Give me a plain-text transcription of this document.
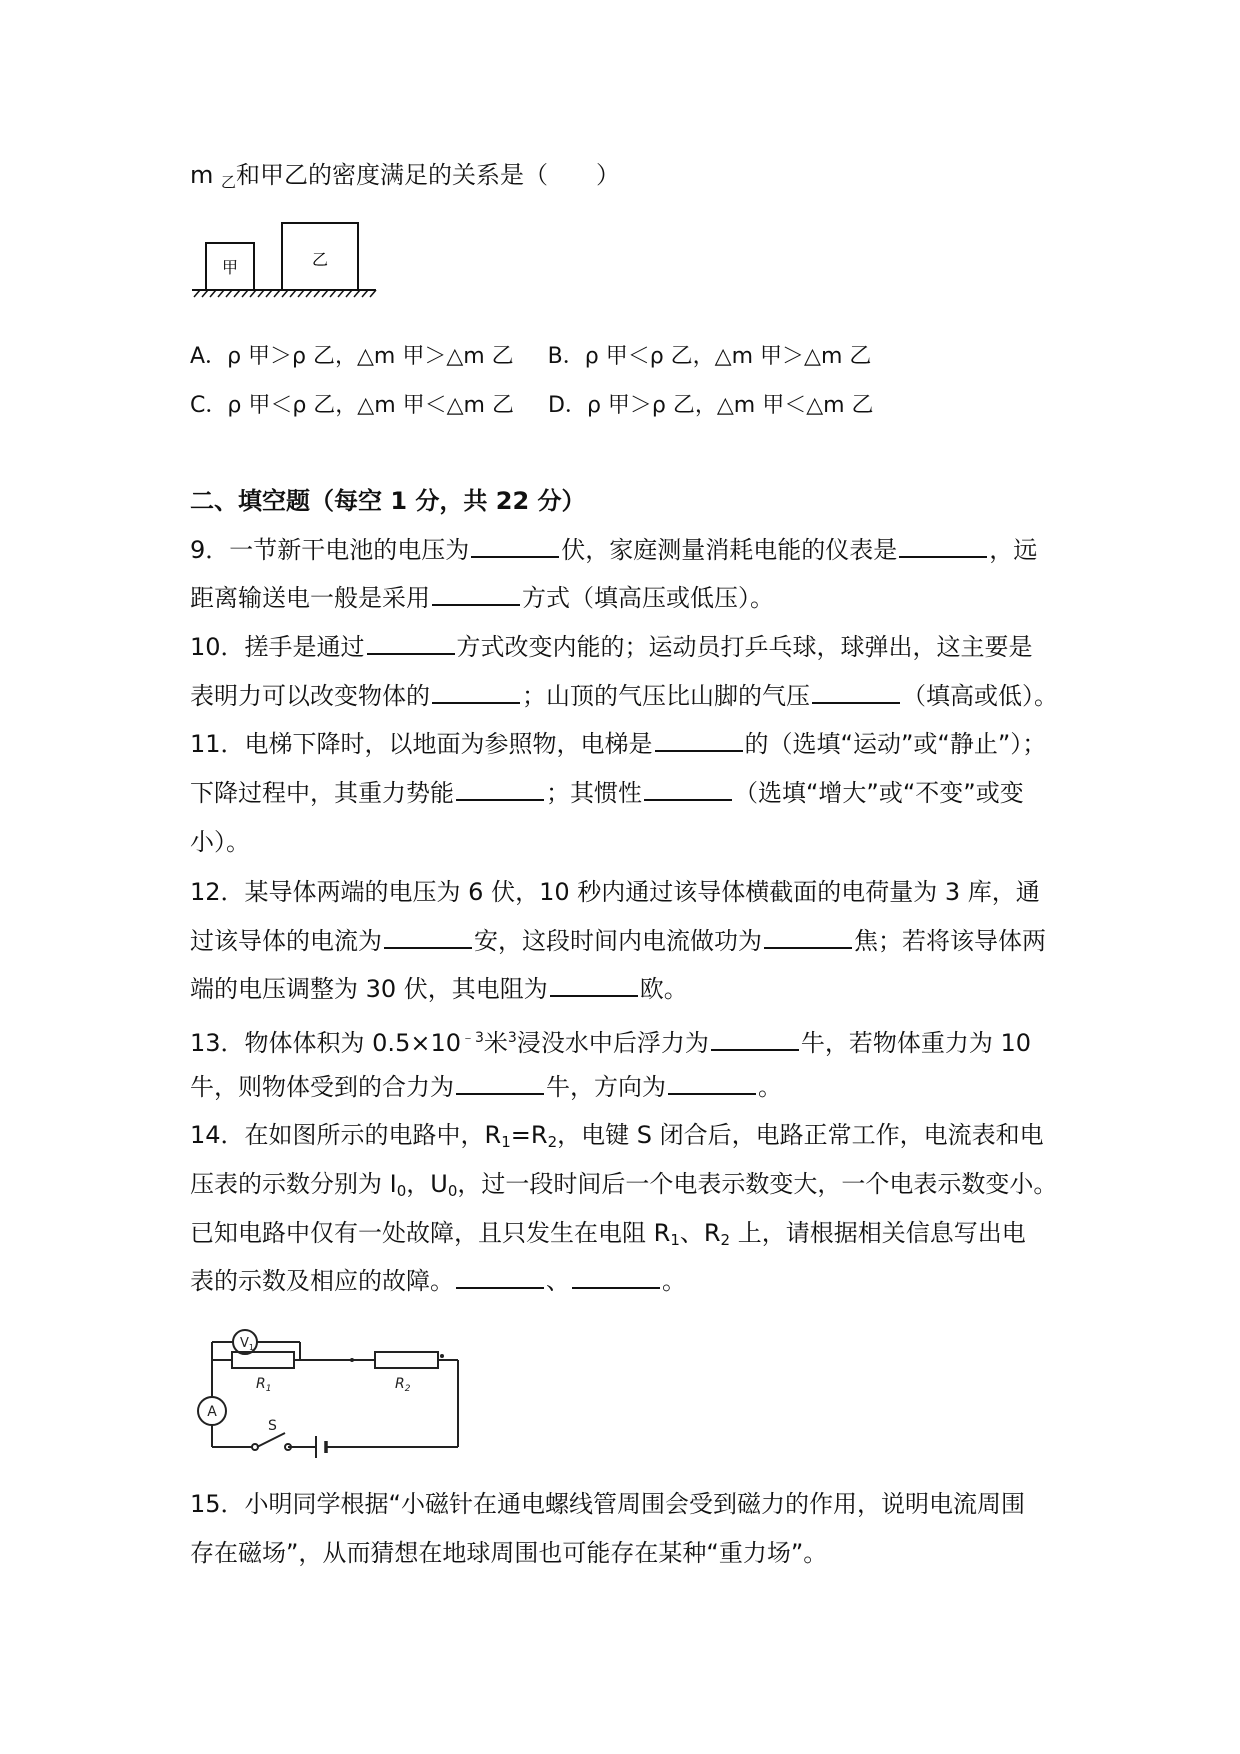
m $_乙$和甲乙的密度满足的关系是（　　）
甲	乙
A．ρ 甲＞ρ 乙，△m 甲＞△m 乙 B．ρ 甲＜ρ 乙，△m 甲＞△m 乙
C．ρ 甲＜ρ 乙，△m 甲＜△m 乙 D．ρ 甲＞ρ 乙，△m 甲＜△m 乙
二、填空题（每空 1 分，共 22 分）
9．一节新干电池的电压为	伏，家庭测量消耗电能的仪表是	，远
距离输送电一般是采用	方式（填高压或低压）。
10．搓手是通过	方式改变内能的；运动员打乒乓球，球弹出，这主要是
表明力可以改变物体的	；山顶的气压比山脚的气压	（填高或低）。
11．电梯下降时，以地面为参照物，电梯是	的（选填“运动”或“静止”）；
下降过程中，其重力势能	；其惯性	（选填“增大”或“不变”或变
小）。
12．某导体两端的电压为 6 伏，10 秒内通过该导体横截面的电荷量为 3 库，通
过该导体的电流为	安，这段时间内电流做功为	焦；若将该导体两
端的电压调整为 30 伏，其电阻为	欧。
13．物体体积为 $0.5\times 10^{﹣3}$米$^3$浸没水中后浮力为	牛，若物体重力为 10
牛，则物体受到的合力为	牛，方向为	。
14．在如图所示的电路中，$R_1=R_2$，电键 S 闭合后，电路正常工作，电流表和电
压表的示数分别为 $I_0$，$U_0$，过一段时间后一个电表示数变大，一个电表示数变小。
已知电路中仅有一处故障，且只发生在电阻 $R_1$、$R_2$ 上，请根据相关信息写出电
表的示数及相应的故障。	、	。
$V_1$
A
$R_1$	$R_2$
S
15．小明同学根据“小磁针在通电螺线管周围会受到磁力的作用，说明电流周围
存在磁场”，从而猜想在地球周围也可能存在某种“重力场”。
